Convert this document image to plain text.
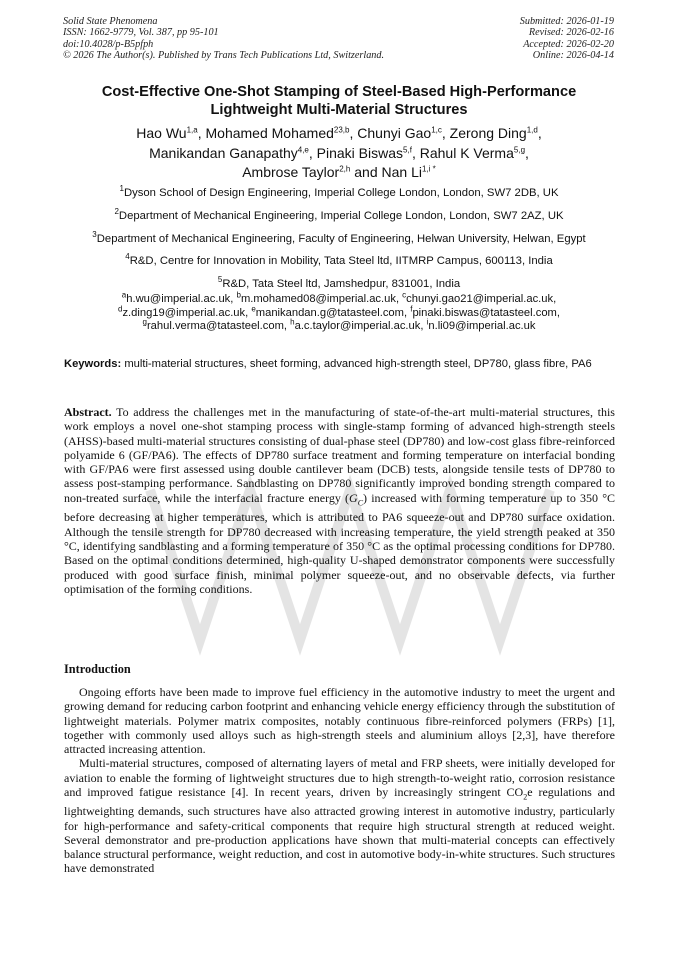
Solid State Phenomena
ISSN: 1662-9779, Vol. 387, pp 95-101
doi:10.4028/p-B5pfph
© 2026 The Author(s). Published by Trans Tech Publications Ltd, Switzerland.
Submitted: 2026-01-19
Revised: 2026-02-16
Accepted: 2026-02-20
Online: 2026-04-14
Cost-Effective One-Shot Stamping of Steel-Based High-Performance
Lightweight Multi-Material Structures
Hao Wu$^{1,a}$, Mohamed Mohamed$^{23,b}$, Chunyi Gao$^{1,c}$, Zerong Ding$^{1,d}$,
Manikandan Ganapathy$^{4,e}$, Pinaki Biswas$^{5,f}$, Rahul K Verma$^{5,g}$,
Ambrose Taylor$^{2,h}$ and Nan $Li^{1,i *}$
$^1$Dyson School of Design Engineering, Imperial College London, London, SW7 2DB, UK
$^2$Department of Mechanical Engineering, Imperial College London, London, SW7 2AZ, UK
$^3$Department of Mechanical Engineering, Faculty of Engineering, Helwan University, Helwan, Egypt
$^4$R&D, Centre for Innovation in Mobility, Tata Steel ltd, IITMRP Campus, 600113, India
$^5$R&D, Tata Steel ltd, Jamshedpur, 831001, India
$^a$h.wu@imperial.ac.uk, $^b$m.mohamed08@imperial.ac.uk, $^c$chunyi.gao21@imperial.ac.uk,
$^d$z.ding19@imperial.ac.uk, $^e$manikandan.g@tatasteel.com, $^f$pinaki.biswas@tatasteel.com,
$^g$rahul.verma@tatasteel.com, $^h$a.c.taylor@imperial.ac.uk, $^i$n.li09@imperial.ac.uk
Keywords: multi-material structures, sheet forming, advanced high-strength steel, DP780, glass fibre, PA6
Abstract. To address the challenges met in the manufacturing of state-of-the-art multi-material structures, this work employs a novel one-shot stamping process with single-stamp forming of advanced high-strength steels (AHSS)-based multi-material structures consisting of dual-phase steel (DP780) and low-cost glass fibre-reinforced polyamide 6 (GF/PA6). The effects of DP780 surface treatment and forming temperature on interfacial bonding with GF/PA6 were first assessed using double cantilever beam (DCB) tests, alongside tensile tests of DP780 to assess post-stamping performance. Sandblasting on DP780 significantly improved bonding strength compared to non-treated surface, while the interfacial fracture energy $(G_C)$ increased with forming temperature up to 350 °C before decreasing at higher temperatures, which is attributed to PA6 squeeze-out and DP780 surface oxidation. Although the tensile strength for DP780 decreased with increasing temperature, the yield strength peaked at 350 °C, identifying sandblasting and a forming temperature of 350 °C as the optimal processing conditions for DP780. Based on the optimal conditions determined, high-quality U-shaped demonstrator components were successfully produced with good surface finish, minimal polymer squeeze-out, and no observable defects, via further optimisation of the forming conditions.
Introduction

Ongoing efforts have been made to improve fuel efficiency in the automotive industry to meet the urgent and growing demand for reducing carbon footprint and enhancing vehicle energy efficiency through the substitution of lightweight materials. Polymer matrix composites, notably continuous fibre-reinforced polymers (FRPs) [1], together with commonly used alloys such as high-strength steels and aluminium alloys [2,3], have therefore attracted increasing attention.

Multi-material structures, composed of alternating layers of metal and FRP sheets, were initially developed for aviation to enable the forming of lightweight structures due to high strength-to-weight ratio, corrosion resistance and improved fatigue resistance [4]. In recent years, driven by increasingly stringent $CO_2e$ regulations and lightweighting demands, such structures have also attracted growing interest in automotive industry, particularly for high-performance and safety-critical components that require high structural strength at reduced weight. Several demonstrator and pre-production applications have shown that multi-material concepts can effectively balance structural performance, weight reduction, and cost in automotive body-in-white structures. Such structures have demonstrated
